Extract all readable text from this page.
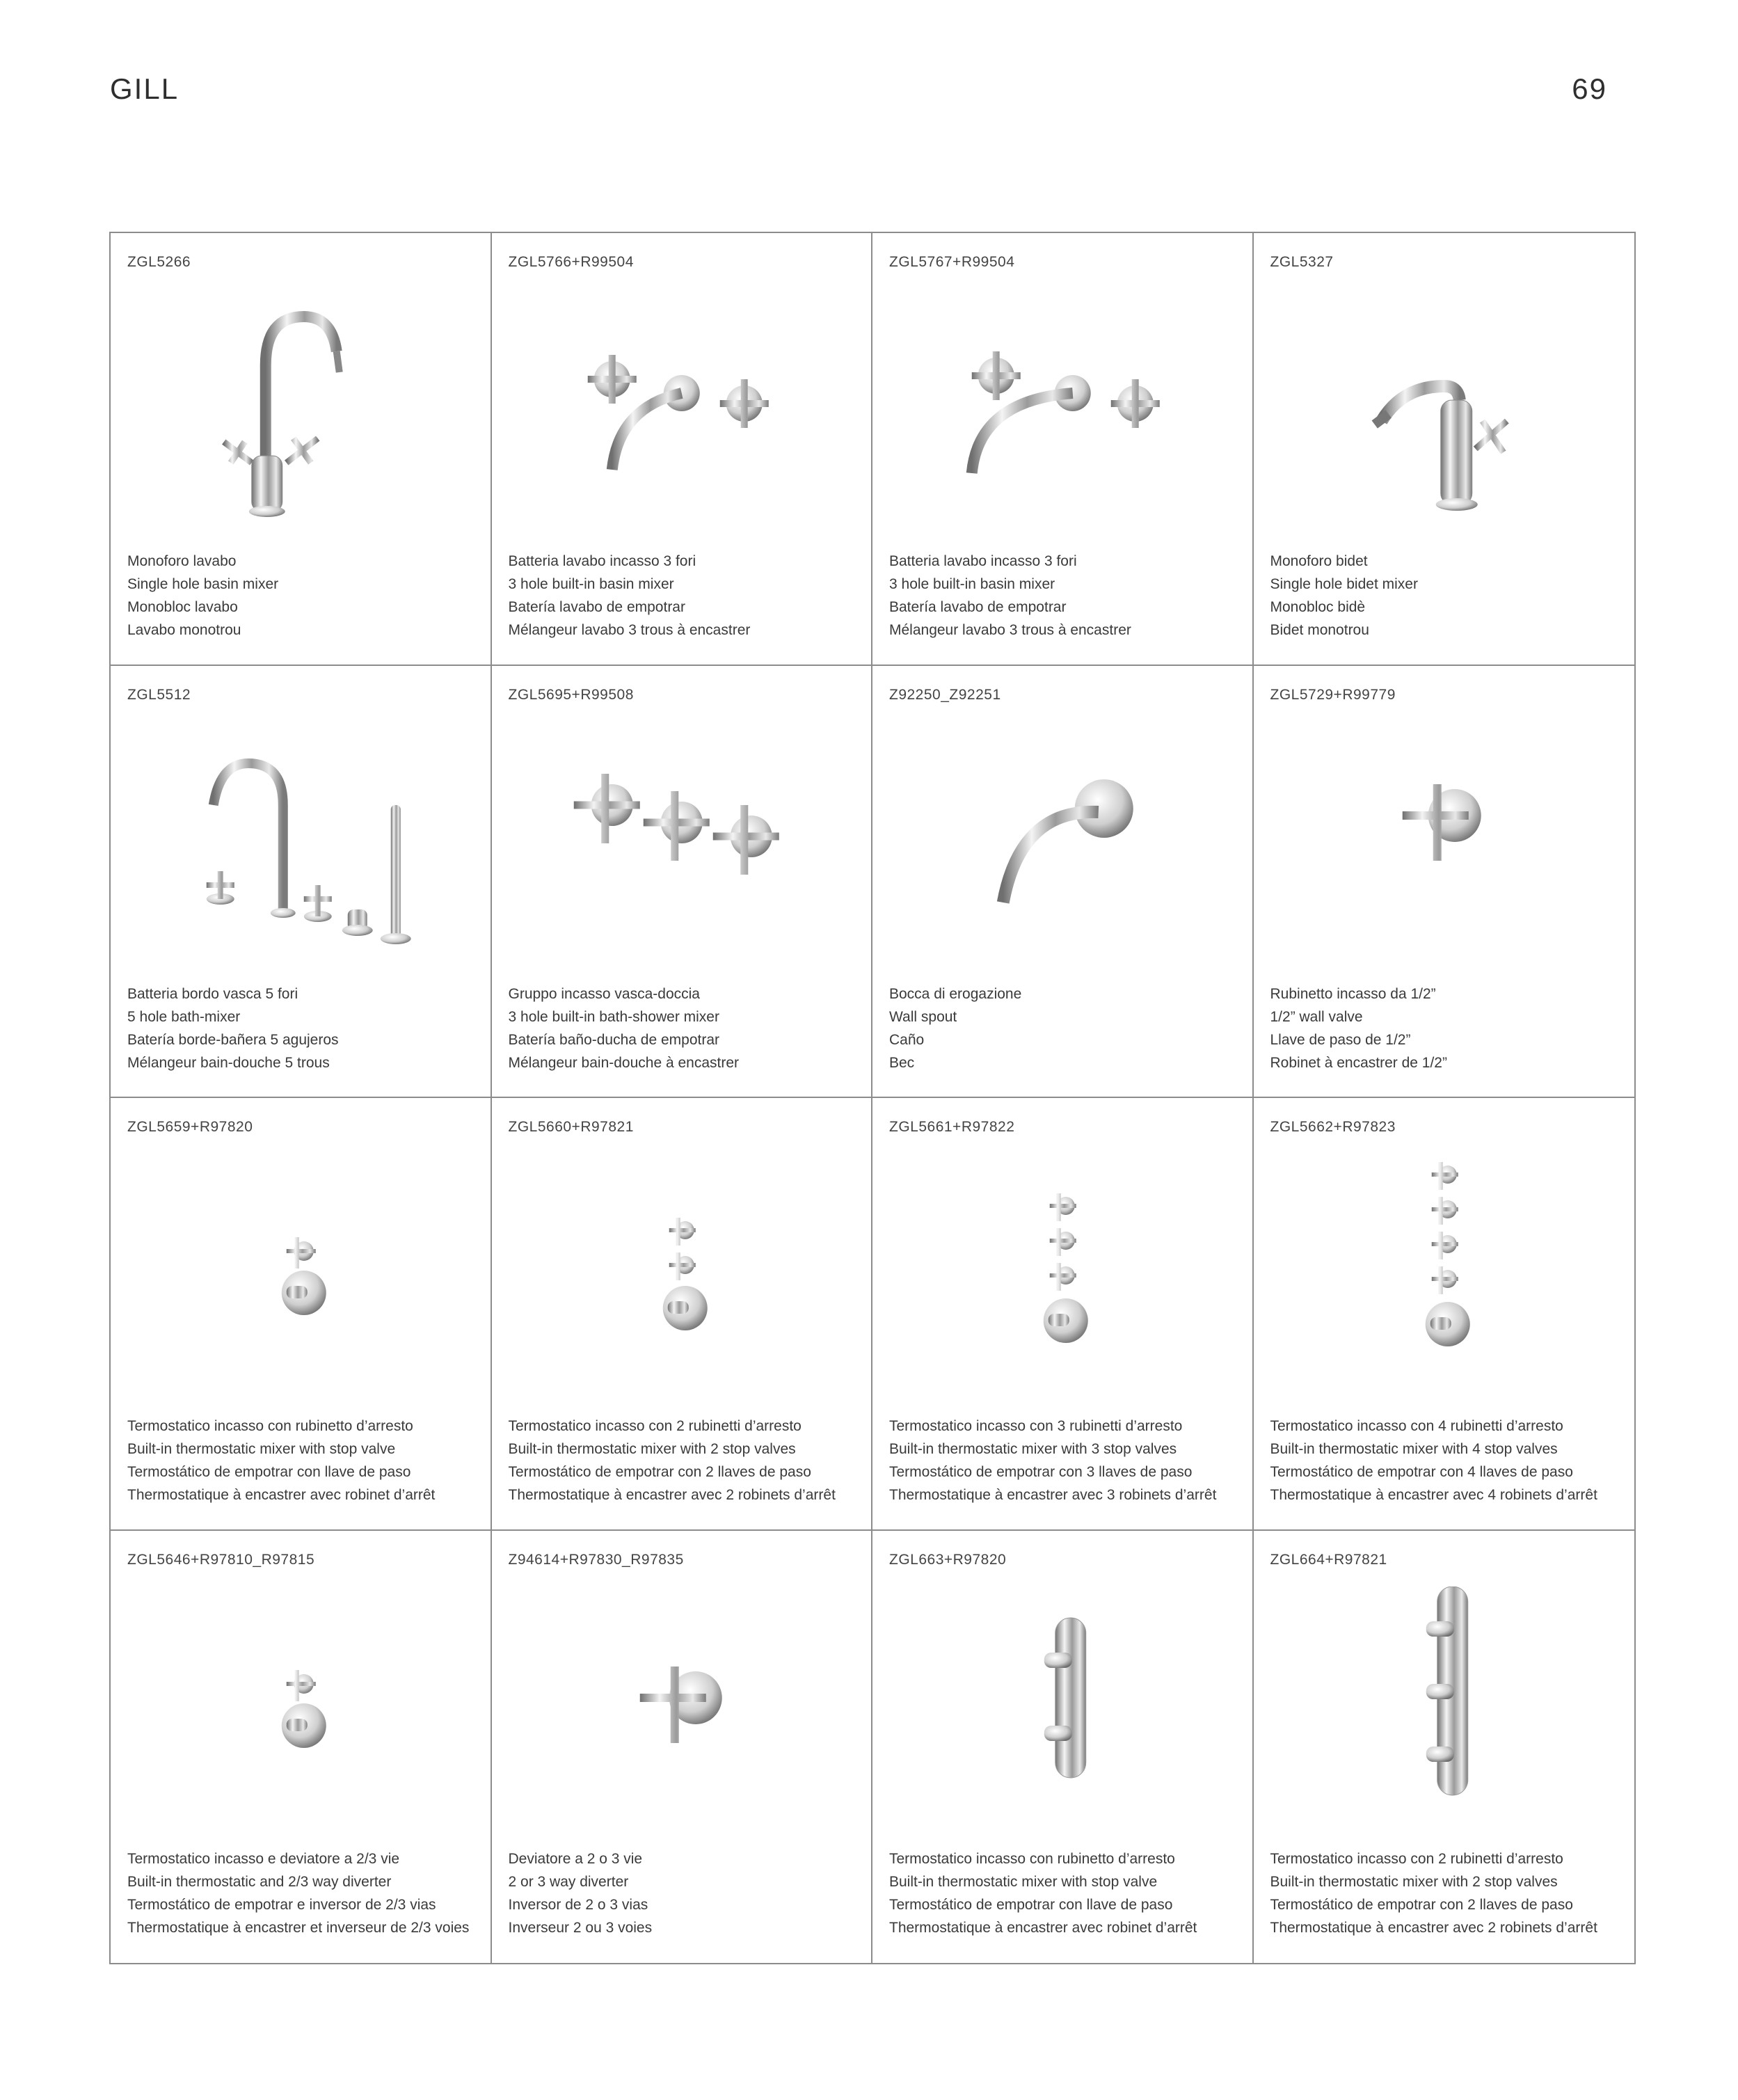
GILL	69
ZGL5266
Monoforo lavabo
Single hole basin mixer
Monobloc lavabo
Lavabo monotrou
ZGL5766+R99504
Batteria lavabo incasso 3 fori
3 hole built-in basin mixer
Batería lavabo de empotrar
Mélangeur lavabo 3 trous à encastrer
ZGL5767+R99504
Batteria lavabo incasso 3 fori
3 hole built-in basin mixer
Batería lavabo de empotrar
Mélangeur lavabo 3 trous à encastrer
ZGL5327
Monoforo bidet
Single hole bidet mixer
Monobloc bidè
Bidet monotrou
ZGL5512
Batteria bordo vasca 5 fori
5 hole bath-mixer
Batería borde-bañera 5 agujeros
Mélangeur bain-douche 5 trous
ZGL5695+R99508
Gruppo incasso vasca-doccia
3 hole built-in bath-shower mixer
Batería baño-ducha de empotrar
Mélangeur bain-douche à encastrer
Z92250_Z92251
Bocca di erogazione
Wall spout
Caño
Bec
ZGL5729+R99779
Rubinetto incasso da 1/2”
1/2” wall valve
Llave de paso de 1/2”
Robinet à encastrer de 1/2”
ZGL5659+R97820
Termostatico incasso con rubinetto d’arresto
Built-in thermostatic mixer with stop valve
Termostático de empotrar con llave de paso
Thermostatique à encastrer avec robinet d’arrêt
ZGL5660+R97821
Termostatico incasso con 2 rubinetti d’arresto
Built-in thermostatic mixer with 2 stop valves
Termostático de empotrar con 2 llaves de paso
Thermostatique à encastrer avec 2 robinets d’arrêt
ZGL5661+R97822
Termostatico incasso con 3 rubinetti d’arresto
Built-in thermostatic mixer with 3 stop valves
Termostático de empotrar con 3 llaves de paso
Thermostatique à encastrer avec 3 robinets d’arrêt
ZGL5662+R97823
Termostatico incasso con 4 rubinetti d’arresto
Built-in thermostatic mixer with 4 stop valves
Termostático de empotrar con 4 llaves de paso
Thermostatique à encastrer avec 4 robinets d’arrêt
ZGL5646+R97810_R97815
Termostatico incasso e deviatore a 2/3 vie
Built-in thermostatic and 2/3 way diverter
Termostático de empotrar e inversor de 2/3 vias
Thermostatique à encastrer et inverseur de 2/3 voies
Z94614+R97830_R97835
Deviatore a 2 o 3 vie
2 or 3 way diverter
Inversor de 2 o 3 vias
Inverseur 2 ou 3 voies
ZGL663+R97820
Termostatico incasso con rubinetto d’arresto
Built-in thermostatic mixer with stop valve
Termostático de empotrar con llave de paso
Thermostatique à encastrer avec robinet d’arrêt
ZGL664+R97821
Termostatico incasso con 2 rubinetti d’arresto
Built-in thermostatic mixer with 2 stop valves
Termostático de empotrar con 2 llaves de paso
Thermostatique à encastrer avec 2 robinets d’arrêt
